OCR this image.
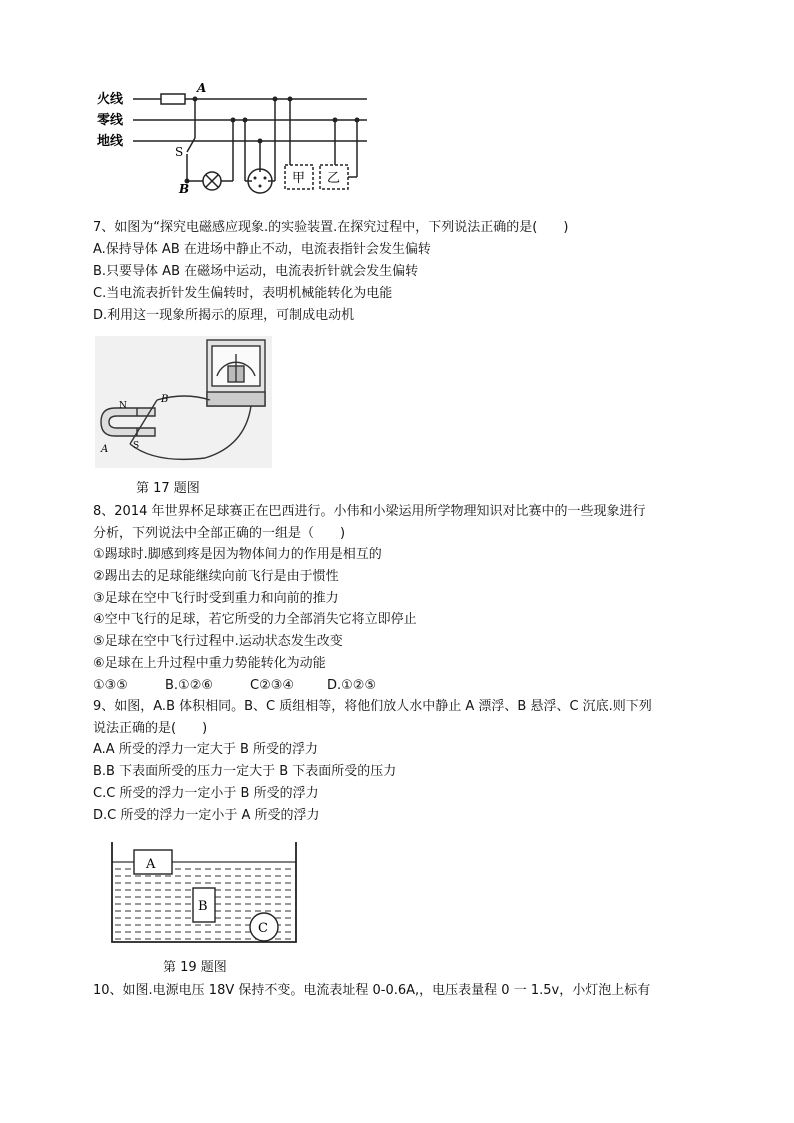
火线
零线
地线
A
S
B
甲 乙
7、如图为“探究电磁感应现象.的实验装置.在探究过程中，下列说法正确的是(　　)
A.保持导体 AB 在进场中静止不动，电流表指针会发生偏转
B.只要导体 AB 在磁场中运动，电流表折针就会发生偏转
C.当电流表折针发生偏转时，表明机械能转化为电能
D.利用这一现象所揭示的原理，可制成电动机
N
S
A
B
第 17 题图
8、2014 年世界杯足球赛正在巴西进行。小伟和小梁运用所学物理知识对比赛中的一些现象进行
分析，下列说法中全部正确的一组是（　　)
①踢球时.脚感到疼是因为物体间力的作用是相互的
②踢出去的足球能继续向前飞行是由于惯性
③足球在空中飞行时受到重力和向前的推力
④空中飞行的足球，若它所受的力全部消失它将立即停止
⑤足球在空中飞行过程中.运动状态发生改变
⑥足球在上升过程中重力势能转化为动能
①③⑤	B.①②⑥	C②③④	D.①②⑤
9、如图，A.B 体积相同。B、C 质组相等，将他们放人水中静止 A 漂浮、B 悬浮、C 沉底.则下列
说法正确的是(　　)
A.A 所受的浮力一定大于 B 所受的浮力
B.B 下表面所受的压力一定大于 B 下表面所受的压力
C.C 所受的浮力一定小于 B 所受的浮力
D.C 所受的浮力一定小于 A 所受的浮力
A
B
C
第 19 题图
10、如图.电源电压 18V 保持不变。电流表址程 0-0.6A,，电压表量程 0 一 1.5v，小灯泡上标有
